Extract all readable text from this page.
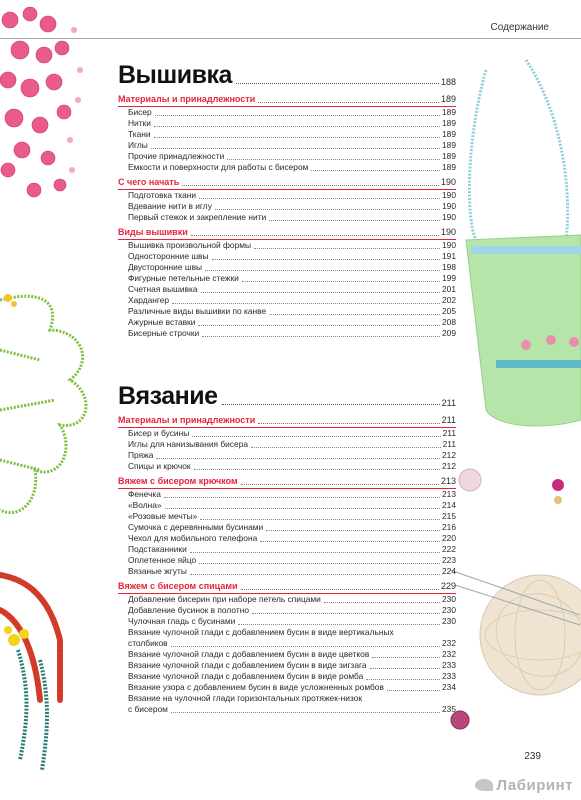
Содержание
Вышивка	188
Материалы и принадлежности	189
Бисер	189
Нитки	189
Ткани	189
Иглы	189
Прочие принадлежности	189
Емкости и поверхности для работы с бисером	189
С чего начать	190
Подготовка ткани	190
Вдевание нити в иглу	190
Первый стежок и закрепление нити	190
Виды вышивки	190
Вышивка произвольной формы	190
Односторонние швы	191
Двусторонние швы	198
Фигурные петельные стежки	199
Счетная вышивка	201
Хардангер	202
Различные виды вышивки по канве	205
Ажурные вставки	208
Бисерные строчки	209
Вязание	211
Материалы и принадлежности	211
Бисер и бусины	211
Иглы для нанизывания бисера	211
Пряжа	212
Спицы и крючок	212
Вяжем с бисером крючком	213
Фенечка	213
«Волна»	214
«Розовые мечты»	215
Сумочка с деревянными бусинами	216
Чехол для мобильного телефона	220
Подстаканники	222
Оплетенное яйцо	223
Вязаные жгуты	224
Вяжем с бисером спицами	229
Добавление бисерин при наборе петель спицами	230
Добавление бусинок в полотно	230
Чулочная гладь с бусинами	230
Вязание чулочной глади с добавлением бусин в виде вертикальных
столбиков	232
Вязание чулочной глади с добавлением бусин в виде цветков	232
Вязание чулочной глади с добавлением бусин в виде зигзага	233
Вязание чулочной глади с добавлением бусин в виде ромба	233
Вязание узора с добавлением бусин в виде усложненных ромбов	234
Вязание на чулочной глади горизонтальных протяжек-низок
с бисером	235
239
Лабиринт
